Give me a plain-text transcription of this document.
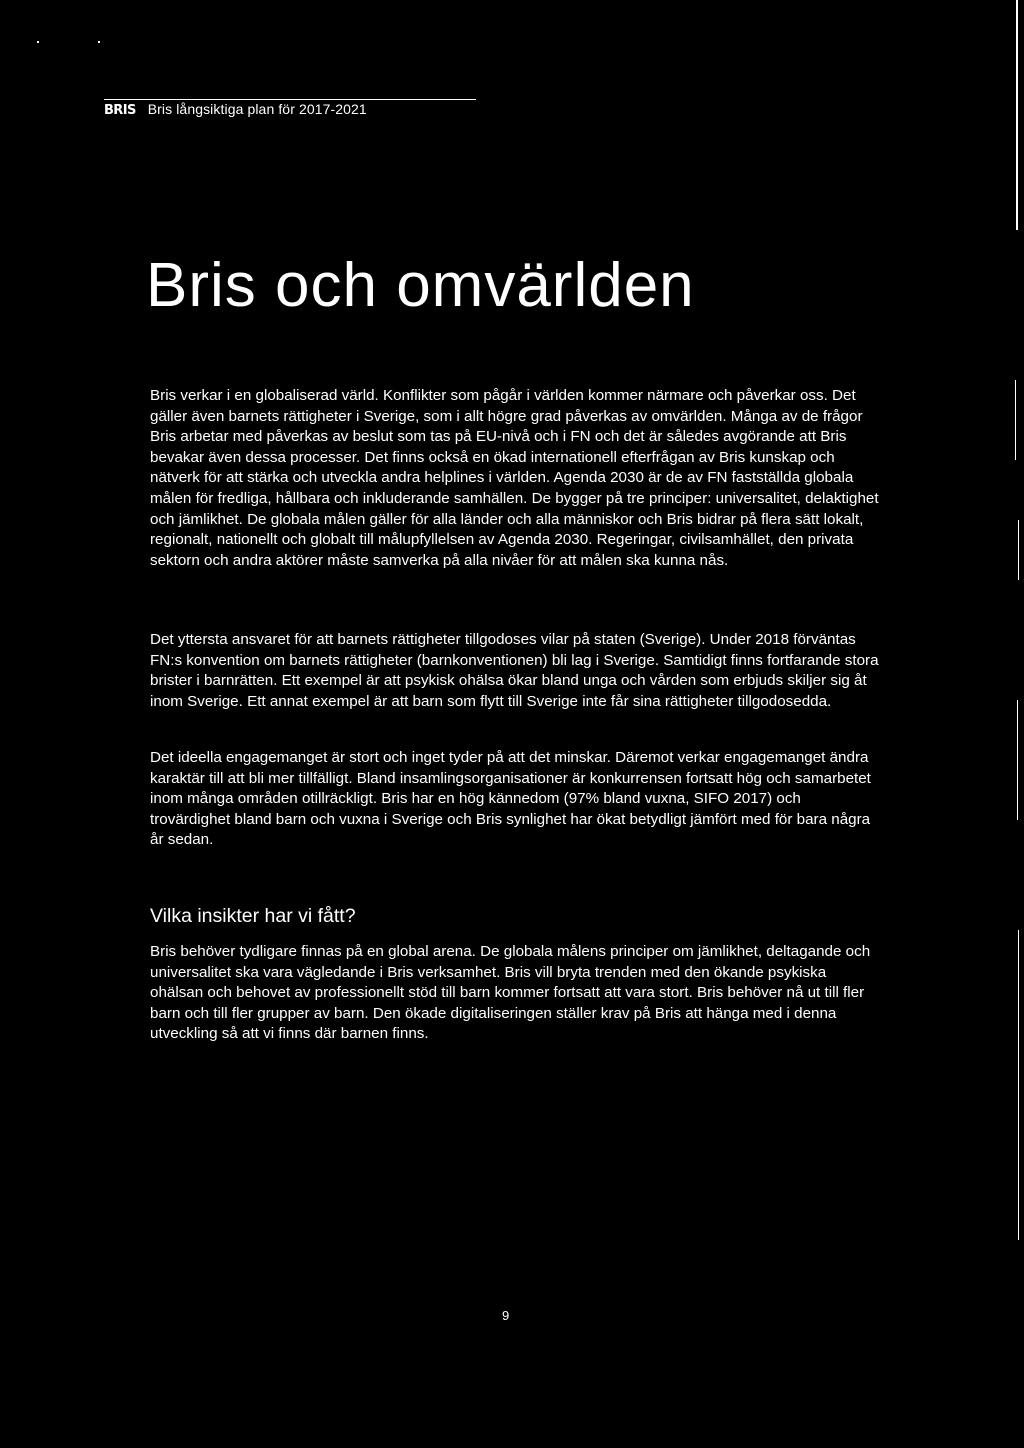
BRIS Bris långsiktiga plan för 2017-2021
Bris och omvärlden

Bris verkar i en globaliserad värld. Konflikter som pågår i världen kommer närmare och påverkar oss. Det gäller även barnets rättigheter i Sverige, som i allt högre grad påverkas av omvärlden. Många av de frågor Bris arbetar med påverkas av beslut som tas på EU-nivå och i FN och det är således avgörande att Bris bevakar även dessa processer. Det finns också en ökad internationell efterfrågan av Bris kunskap och nätverk för att stärka och utveckla andra helplines i världen. Agenda 2030 är de av FN fastställda globala målen för fredliga, hållbara och inkluderande samhällen. De bygger på tre principer: universalitet, delaktighet och jämlikhet. De globala målen gäller för alla länder och alla människor och Bris bidrar på flera sätt lokalt, regionalt, nationellt och globalt till målupfyllelsen av Agenda 2030. Regeringar, civilsamhället, den privata sektorn och andra aktörer måste samverka på alla nivåer för att målen ska kunna nås.

Det yttersta ansvaret för att barnets rättigheter tillgodoses vilar på staten (Sverige). Under 2018 förväntas FN:s konvention om barnets rättigheter (barnkonventionen) bli lag i Sverige. Samtidigt finns fortfarande stora brister i barnrätten. Ett exempel är att psykisk ohälsa ökar bland unga och vården som erbjuds skiljer sig åt inom Sverige. Ett annat exempel är att barn som flytt till Sverige inte får sina rättigheter tillgodosedda.

Det ideella engagemanget är stort och inget tyder på att det minskar. Däremot verkar engagemanget ändra karaktär till att bli mer tillfälligt. Bland insamlingsorganisationer är konkurrensen fortsatt hög och samarbetet inom många områden otillräckligt. Bris har en hög kännedom (97% bland vuxna, SIFO 2017) och trovärdighet bland barn och vuxna i Sverige och Bris synlighet har ökat betydligt jämfört med för bara några år sedan.

Vilka insikter har vi fått?

Bris behöver tydligare finnas på en global arena. De globala målens principer om jämlikhet, deltagande och universalitet ska vara vägledande i Bris verksamhet. Bris vill bryta trenden med den ökande psykiska ohälsan och behovet av professionellt stöd till barn kommer fortsatt att vara stort. Bris behöver nå ut till fler barn och till fler grupper av barn. Den ökade digitaliseringen ställer krav på Bris att hänga med i denna utveckling så att vi finns där barnen finns.

9
